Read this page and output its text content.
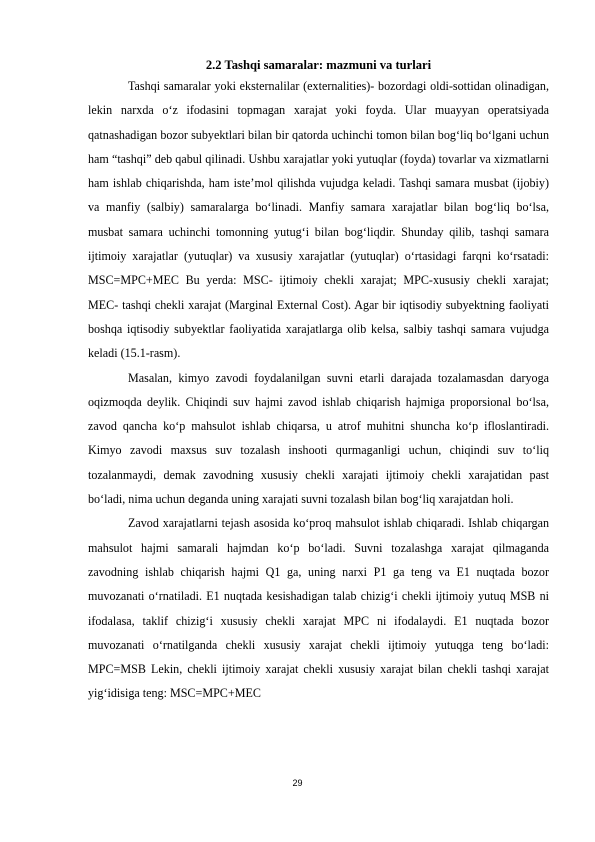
2.2 Tashqi samaralar: mazmuni va turlari

Tashqi samaralar yoki eksternalilar (externalities)- bozordagi oldi-sottidan olinadigan, lekin narxda o‘z ifodasini topmagan xarajat yoki foyda. Ular muayyan operatsiyada qatnashadigan bozor subyektlari bilan bir qatorda uchinchi tomon bilan bog‘liq bo‘lgani uchun ham “tashqi” deb qabul qilinadi. Ushbu xarajatlar yoki yutuqlar (foyda) tovarlar va xizmatlarni ham ishlab chiqarishda, ham iste’mol qilishda vujudga keladi. Tashqi samara musbat (ijobiy) va manfiy (salbiy) samaralarga bo‘linadi. Manfiy samara xarajatlar bilan bog‘liq bo‘lsa, musbat samara uchinchi tomonning yutug‘i bilan bog‘liqdir. Shunday qilib, tashqi samara ijtimoiy xarajatlar (yutuqlar) va xususiy xarajatlar (yutuqlar) o‘rtasidagi farqni ko‘rsatadi: MSC=MPC+MEC Bu yerda: MSC- ijtimoiy chekli xarajat; MPC-xususiy chekli xarajat; MEC- tashqi chekli xarajat (Marginal External Cost). Agar bir iqtisodiy subyektning faoliyati boshqa iqtisodiy subyektlar faoliyatida xarajatlarga olib kelsa, salbiy tashqi samara vujudga keladi (15.1-rasm).

Masalan, kimyo zavodi foydalanilgan suvni etarli darajada tozalamasdan daryoga oqizmoqda deylik. Chiqindi suv hajmi zavod ishlab chiqarish hajmiga proporsional bo‘lsa, zavod qancha ko‘p mahsulot ishlab chiqarsa, u atrof muhitni shuncha ko‘p ifloslantiradi. Kimyo zavodi maxsus suv tozalash inshooti qurmaganligi uchun, chiqindi suv to‘liq tozalanmaydi, demak zavodning xususiy chekli xarajati ijtimoiy chekli xarajatidan past bo‘ladi, nima uchun deganda uning xarajati suvni tozalash bilan bog‘liq xarajatdan holi.

Zavod xarajatlarni tejash asosida ko‘proq mahsulot ishlab chiqaradi. Ishlab chiqargan mahsulot hajmi samarali hajmdan ko‘p bo‘ladi. Suvni tozalashga xarajat qilmaganda zavodning ishlab chiqarish hajmi Q1 ga, uning narxi P1 ga teng va E1 nuqtada bozor muvozanati o‘rnatiladi. E1 nuqtada kesishadigan talab chizig‘i chekli ijtimoiy yutuq MSB ni ifodalasa, taklif chizig‘i xususiy chekli xarajat MPC ni ifodalaydi. E1 nuqtada bozor muvozanati o‘rnatilganda chekli xususiy xarajat chekli ijtimoiy yutuqga teng bo‘ladi: MPC=MSB Lekin, chekli ijtimoiy xarajat chekli xususiy xarajat bilan chekli tashqi xarajat yig‘idisiga teng: MSC=MPC+MEC

29
